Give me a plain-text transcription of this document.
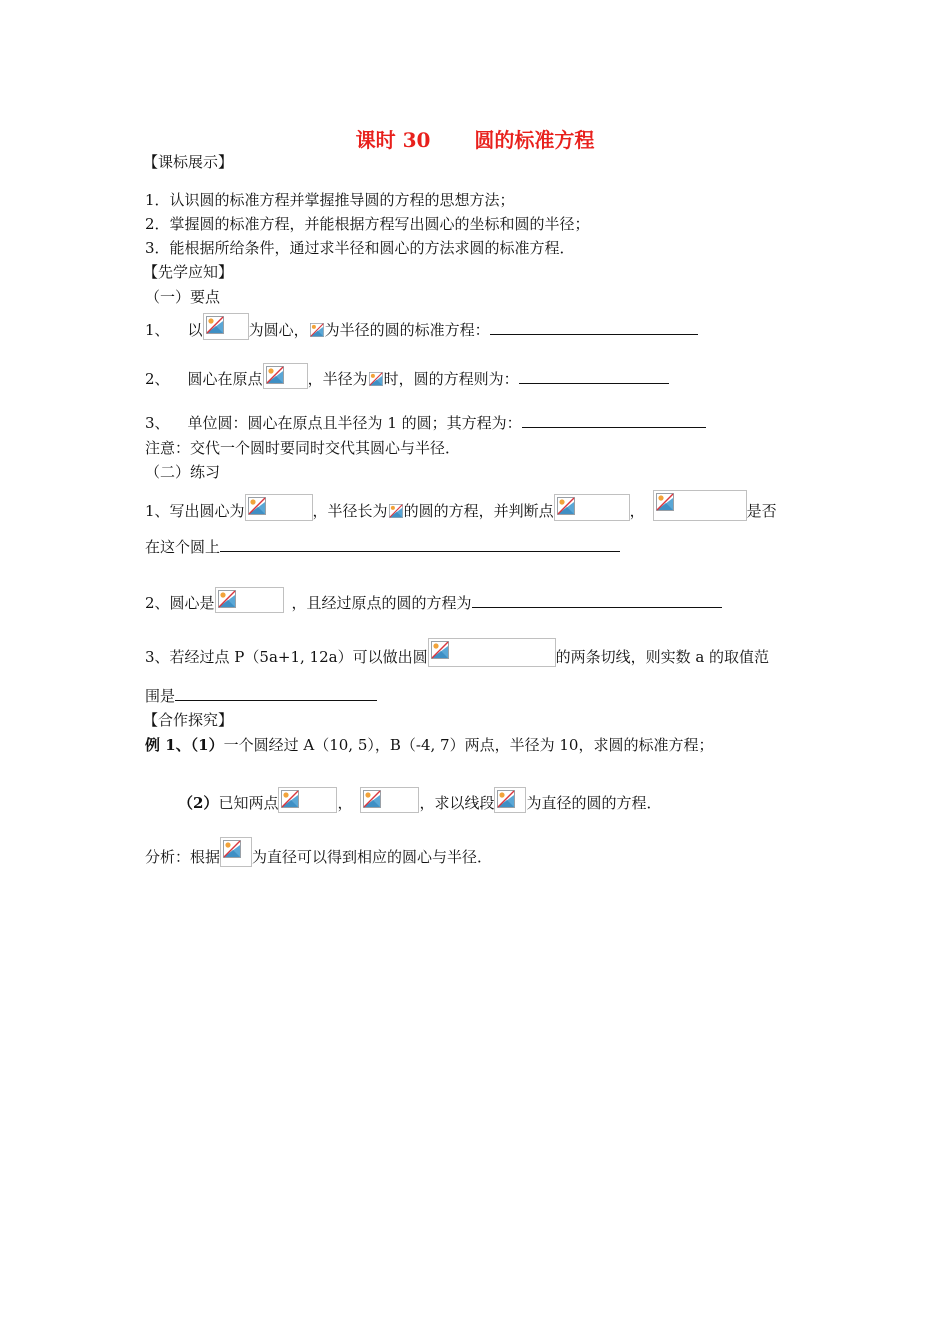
课时 30 圆的标准方程
【课标展示】
1．认识圆的标准方程并掌握推导圆的方程的思想方法；
2．掌握圆的标准方程，并能根据方程写出圆心的坐标和圆的半径；
3．能根据所给条件，通过求半径和圆心的方法求圆的标准方程．
【先学应知】
（一）要点
1、 以	为圆心， 为半径的圆的标准方程：
2、 圆心在原点	，半径为 时，圆的方程则为：
3、 单位圆：圆心在原点且半径为 1 的圆；其方程为：
注意：交代一个圆时要同时交代其圆心与半径．
（二）练习
1、写出圆心为	，半径长为 的圆的方程，并判断点	，	是否
在这个圆上
2、圆心是	，且经过原点的圆的方程为
3、若经过点 P（5a+1, 12a）可以做出圆	的两条切线，则实数 a 的取值范
围是
【合作探究】
例 1、（1）一个圆经过 A（10, 5），B（-4, 7）两点，半径为 10，求圆的标准方程；
（2）已知两点	，	，求以线段 为直径的圆的方程．
分析：根据 为直径可以得到相应的圆心与半径．
